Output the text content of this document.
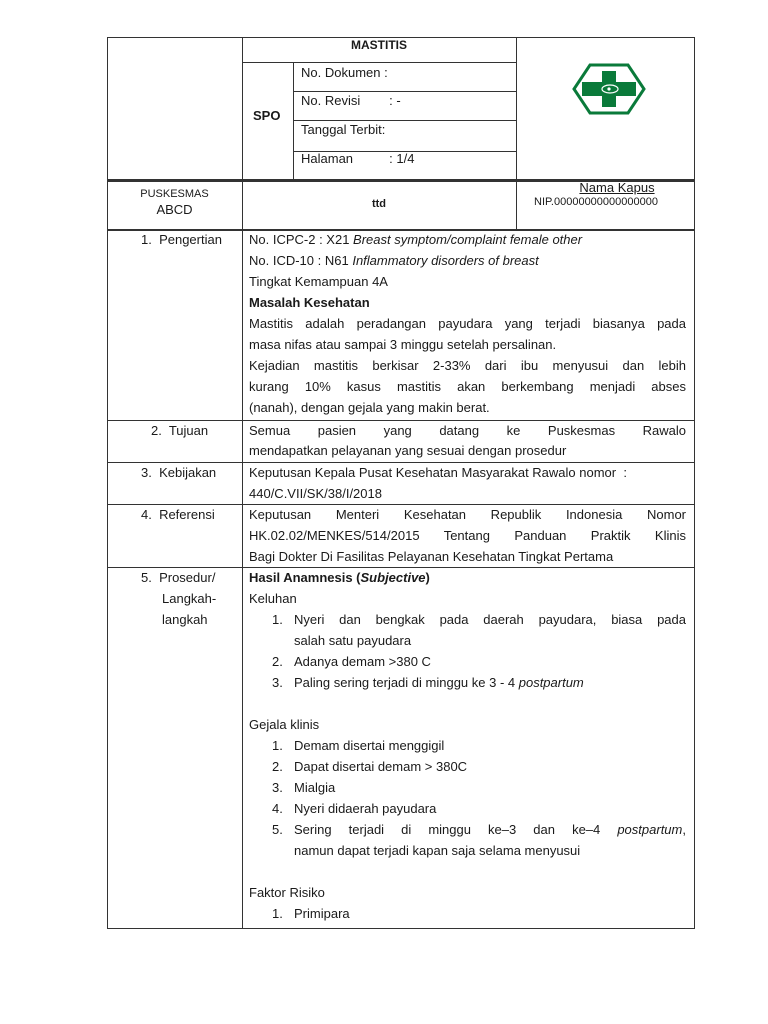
MASTITIS
SPO
No. Dokumen :
No. Revisi        : -
Tanggal Terbit:
Halaman          : 1/4
PUSKESMAS
ABCD	ttd
Nama Kapus
NIP.00000000000000000
1.  Pengertian No. ICPC-2 : X21 Breast symptom/complaint female other
No. ICD-10 : N61 Inflammatory disorders of breast
Tingkat Kemampuan 4A
Masalah Kesehatan
Mastitis adalah peradangan payudara yang terjadi biasanya pada
masa nifas atau sampai 3 minggu setelah persalinan.
Kejadian mastitis berkisar 2-33% dari ibu menyusui dan lebih
kurang 10% kasus mastitis akan berkembang menjadi abses
(nanah), dengan gejala yang makin berat.
2.  Tujuan	Semua pasien yang datang ke Puskesmas Rawalo
mendapatkan pelayanan yang sesuai dengan prosedur
3.  Kebijakan	Keputusan Kepala Pusat Kesehatan Masyarakat Rawalo nomor  :
440/C.VII/SK/38/I/2018
4.  Referensi	Keputusan Menteri Kesehatan Republik Indonesia Nomor
HK.02.02/MENKES/514/2015 Tentang Panduan Praktik Klinis
Bagi Dokter Di Fasilitas Pelayanan Kesehatan Tingkat Pertama
5.  Prosedur/
Langkah-
langkah
Hasil Anamnesis (Subjective)
Keluhan
1. Nyeri dan bengkak pada daerah payudara, biasa pada
salah satu payudara
2. Adanya demam >380 C
3. Paling sering terjadi di minggu ke 3 - 4 postpartum
Gejala klinis
1. Demam disertai menggigil
2. Dapat disertai demam > 380C
3. Mialgia
4. Nyeri didaerah payudara
5. Sering terjadi di minggu ke–3 dan ke–4 postpartum,
namun dapat terjadi kapan saja selama menyusui
Faktor Risiko
1. Primipara
